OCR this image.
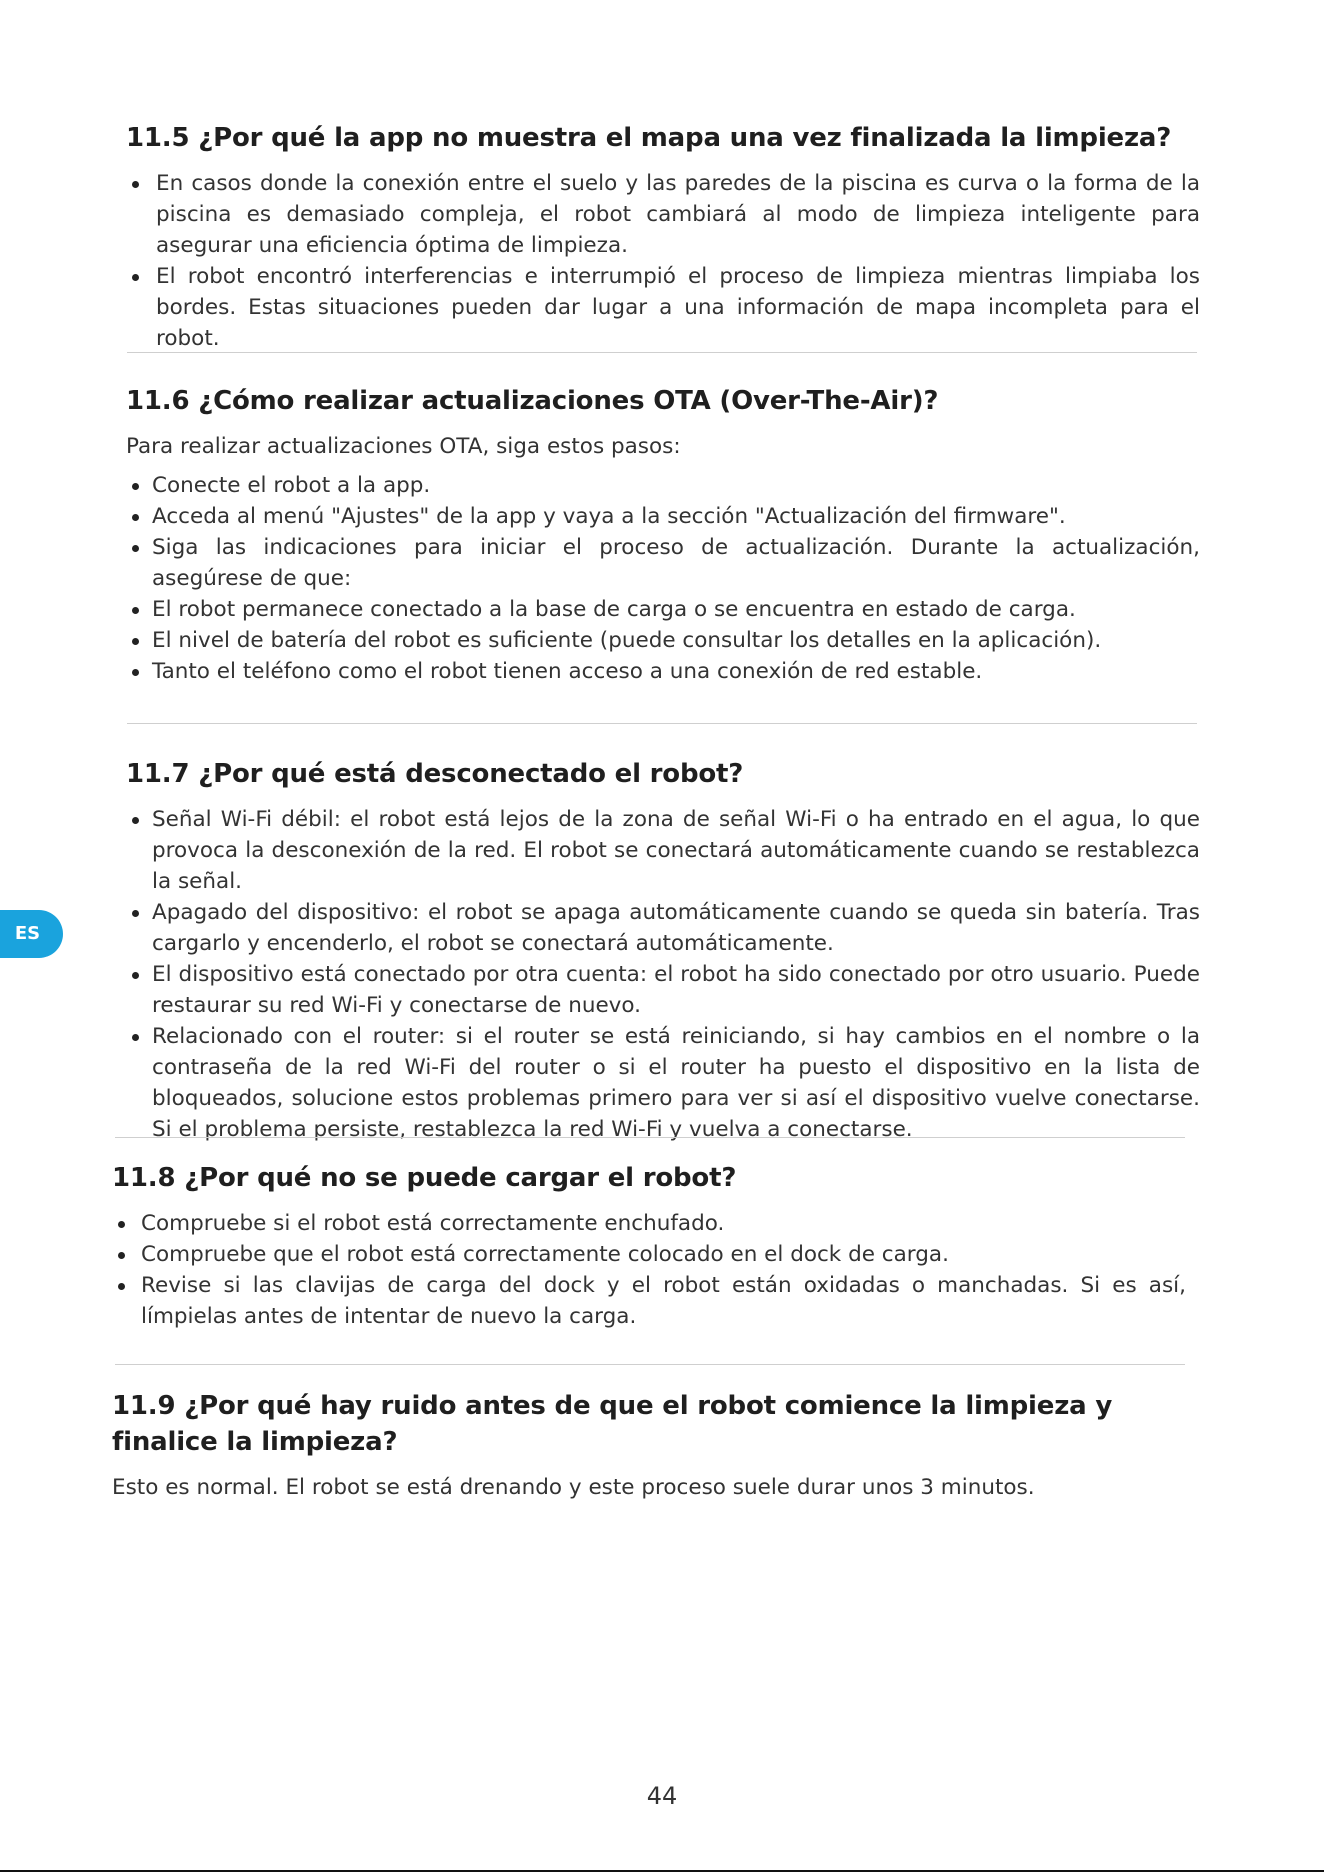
11.5 ¿Por qué la app no muestra el mapa una vez finalizada la limpieza?
En casos donde la conexión entre el suelo y las paredes de la piscina es curva o la forma de la piscina es demasiado compleja, el robot cambiará al modo de limpieza inteligente para asegurar una eficiencia óptima de limpieza.
El robot encontró interferencias e interrumpió el proceso de limpieza mientras limpiaba los bordes. Estas situaciones pueden dar lugar a una información de mapa incompleta para el robot.
11.6 ¿Cómo realizar actualizaciones OTA (Over-The-Air)?

Para realizar actualizaciones OTA, siga estos pasos:

Conecte el robot a la app.
Acceda al menú "Ajustes" de la app y vaya a la sección "Actualización del firmware".
Siga las indicaciones para iniciar el proceso de actualización. Durante la actualización, asegúrese de que:
El robot permanece conectado a la base de carga o se encuentra en estado de carga.
El nivel de batería del robot es suficiente (puede consultar los detalles en la aplicación).
Tanto el teléfono como el robot tienen acceso a una conexión de red estable.
11.7 ¿Por qué está desconectado el robot?
Señal Wi-Fi débil: el robot está lejos de la zona de señal Wi-Fi o ha entrado en el agua, lo que provoca la desconexión de la red. El robot se conectará automáticamente cuando se restablezca la señal.
Apagado del dispositivo: el robot se apaga automáticamente cuando se queda sin batería. Tras cargarlo y encenderlo, el robot se conectará automáticamente.
El dispositivo está conectado por otra cuenta: el robot ha sido conectado por otro usuario. Puede restaurar su red Wi-Fi y conectarse de nuevo.
Relacionado con el router: si el router se está reiniciando, si hay cambios en el nombre o la contraseña de la red Wi-Fi del router o si el router ha puesto el dispositivo en la lista de bloqueados, solucione estos problemas primero para ver si así el dispositivo vuelve conectarse. Si el problema persiste, restablezca la red Wi-Fi y vuelva a conectarse.
11.8 ¿Por qué no se puede cargar el robot?
Compruebe si el robot está correctamente enchufado.
Compruebe que el robot está correctamente colocado en el dock de carga.
Revise si las clavijas de carga del dock y el robot están oxidadas o manchadas. Si es así, límpielas antes de intentar de nuevo la carga.
11.9 ¿Por qué hay ruido antes de que el robot comience la limpieza y finalice la limpieza?

Esto es normal. El robot se está drenando y este proceso suele durar unos 3 minutos.

ES
44
